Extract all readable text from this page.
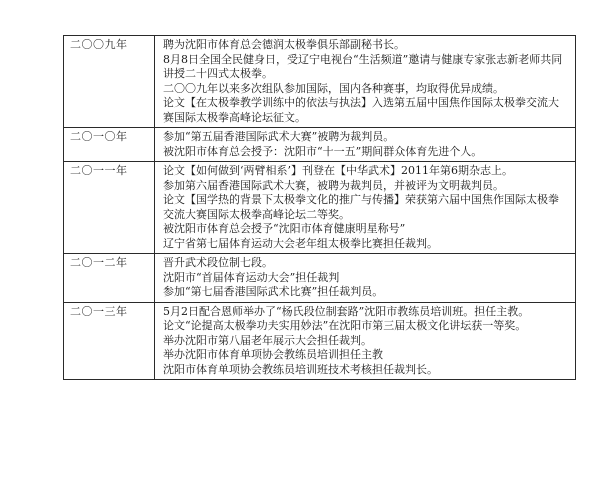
二〇〇九年	聘为沈阳市体育总会德润太极拳俱乐部副秘书长。
8月8日全国全民健身日，受辽宁电视台“生活频道”邀请与健康专家张志新老师共同讲授二十四式太极拳。
二〇〇九年以来多次组队参加国际，国内各种赛事，均取得优异成绩。
论文【在太极拳教学训练中的依法与执法】入选第五届中国焦作国际太极拳交流大赛国际太极拳高峰论坛征文。

二〇一〇年	参加“第五届香港国际武术大赛”被聘为裁判员。
被沈阳市体育总会授予：沈阳市“十一五”期间群众体育先进个人。

二〇一一年	论文【如何做到‘两臂相系’】刊登在【中华武术】2011年第6期杂志上。
参加第六届香港国际武术大赛，被聘为裁判员，并被评为文明裁判员。
论文【国学热的背景下太极拳文化的推广与传播】荣获第六届中国焦作国际太极拳交流大赛国际太极拳高峰论坛二等奖。
被沈阳市体育总会授予“沈阳市体育健康明星称号”
辽宁省第七届体育运动大会老年组太极拳比赛担任裁判。

二〇一二年	晋升武术段位制七段。
沈阳市“首届体育运动大会”担任裁判
参加“第七届香港国际武术比赛”担任裁判员。

二〇一三年	5月2日配合恩师举办了“杨氏段位制套路”沈阳市教练员培训班。担任主教。
论文“论提高太极拳功夫实用妙法”在沈阳市第三届太极文化讲坛获一等奖。
举办沈阳市第八届老年展示大会担任裁判。
举办沈阳市体育单项协会教练员培训担任主教
沈阳市体育单项协会教练员培训班技术考核担任裁判长。
